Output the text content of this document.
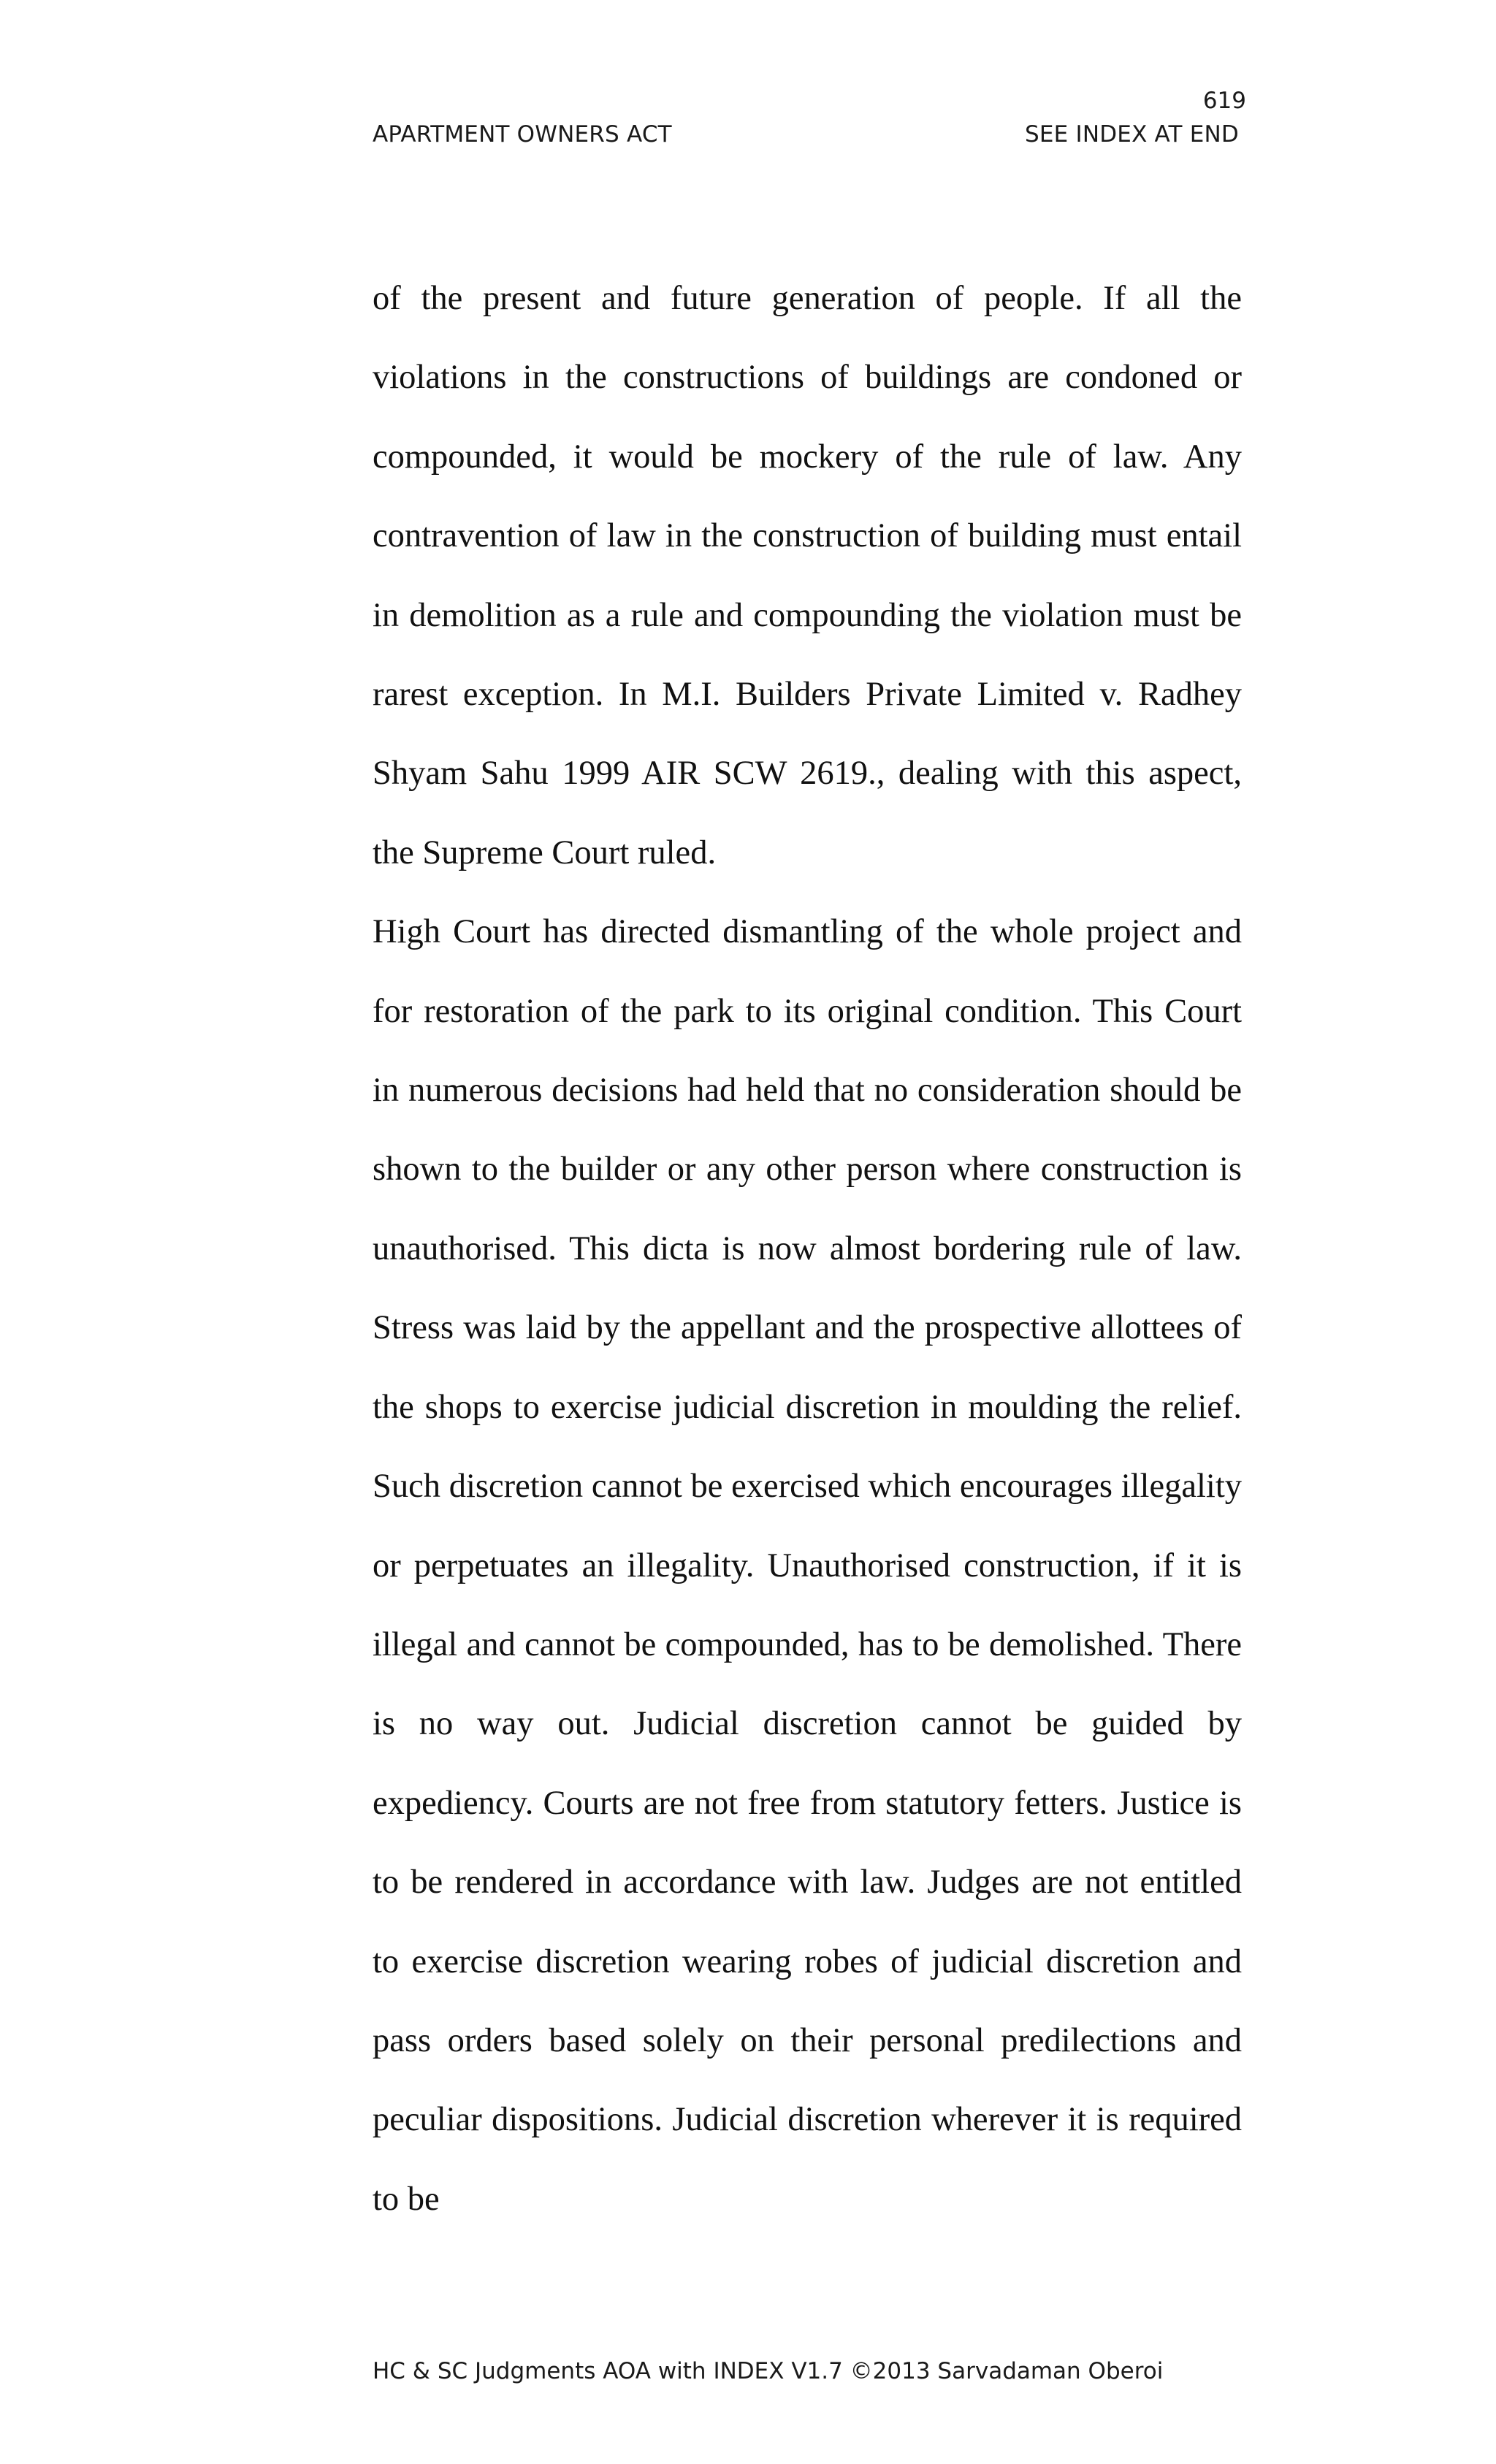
619
APARTMENT OWNERS ACT	SEE INDEX AT END

of the present and future generation of people. If all the violations in the constructions of buildings are condoned or compounded, it would be mockery of the rule of law. Any contravention of law in the construction of building must entail in demolition as a rule and compounding the violation must be rarest exception. In M.I. Builders Private Limited v. Radhey Shyam Sahu 1999 AIR SCW 2619., dealing with this aspect, the Supreme Court ruled.

High Court has directed dismantling of the whole project and for restoration of the park to its original condition. This Court in numerous decisions had held that no consideration should be shown to the builder or any other person where construction is unauthorised. This dicta is now almost bordering rule of law. Stress was laid by the appellant and the prospective allottees of the shops to exercise judicial discretion in moulding the relief. Such discretion cannot be exercised which encourages illegality or perpetuates an illegality. Unauthorised construction, if it is illegal and cannot be compounded, has to be demolished. There is no way out. Judicial discretion cannot be guided by expediency. Courts are not free from statutory fetters. Justice is to be rendered in accordance with law. Judges are not entitled to exercise discretion wearing robes of judicial discretion and pass orders based solely on their personal predilections and peculiar dispositions. Judicial discretion wherever it is required to be

HC & SC Judgments AOA with INDEX V1.7 ©2013 Sarvadaman Oberoi
